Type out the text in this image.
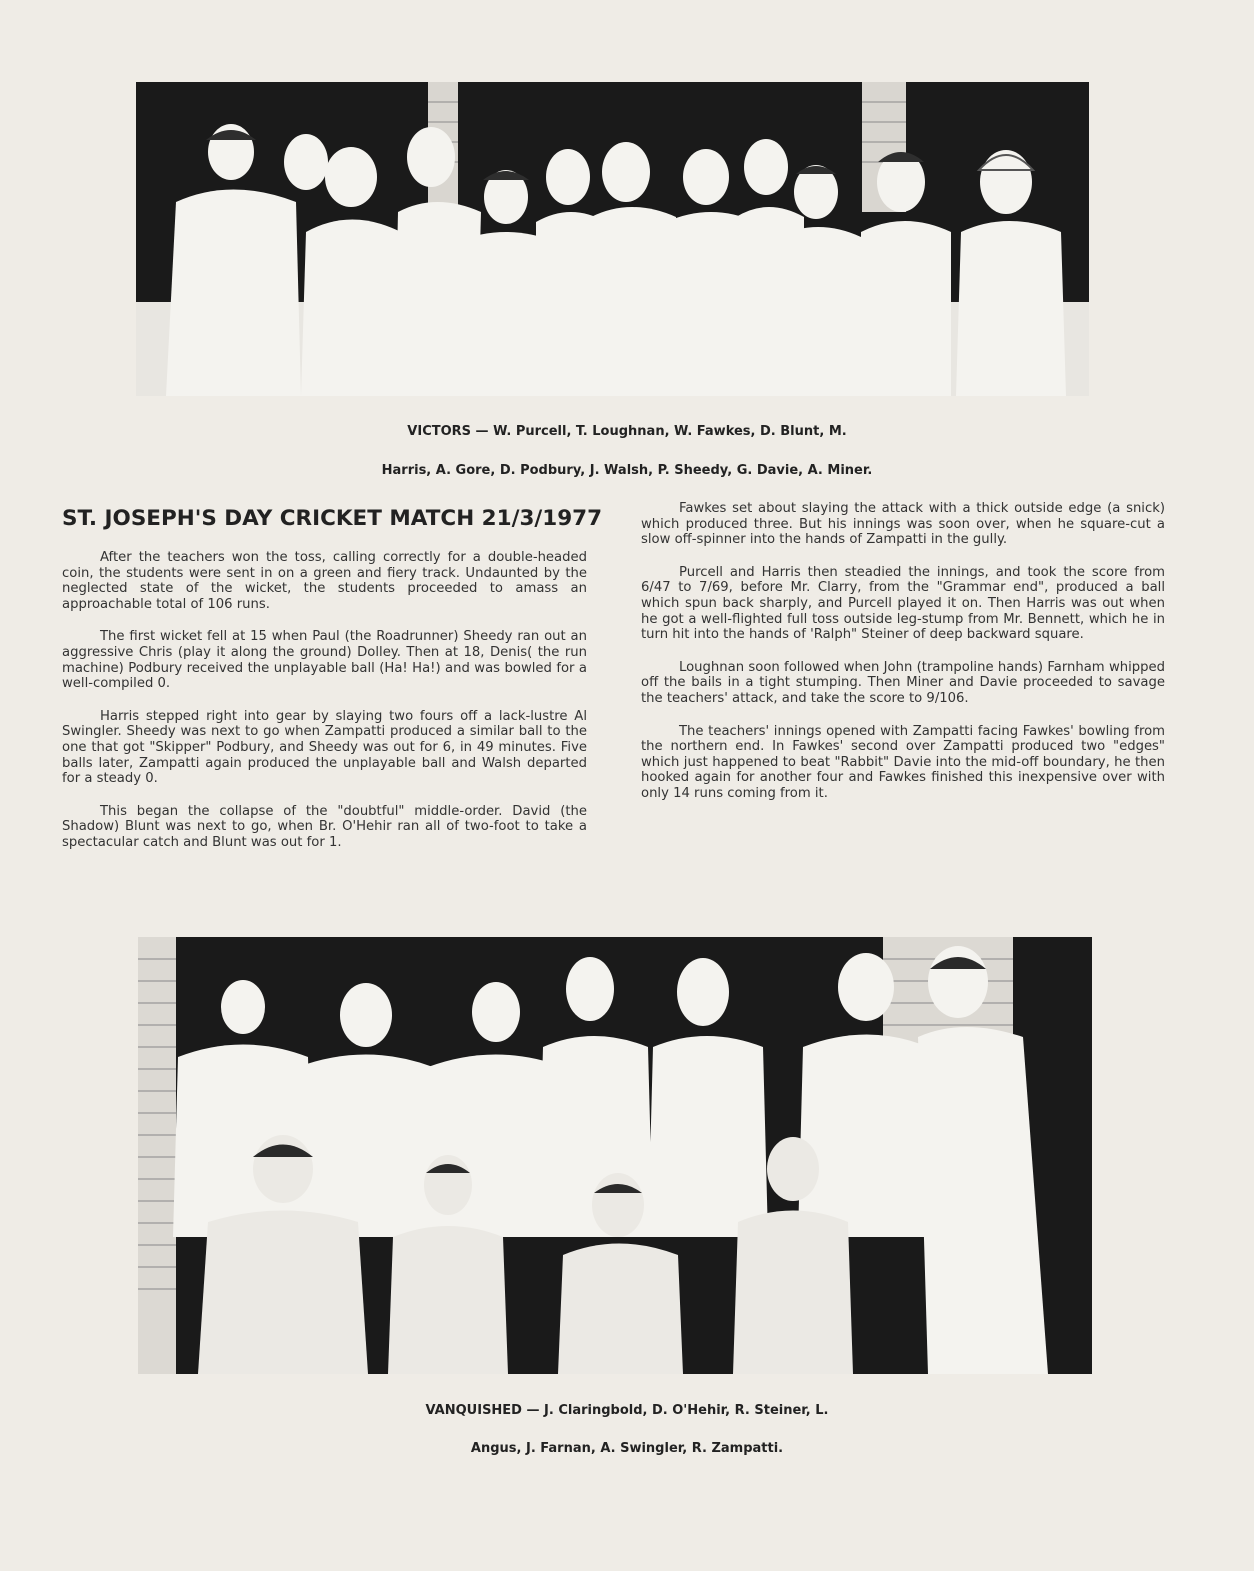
VICTORS — W. Purcell, T. Loughnan, W. Fawkes, D. Blunt, M.
Harris, A. Gore, D. Podbury, J. Walsh, P. Sheedy, G. Davie, A. Miner.
ST. JOSEPH'S DAY CRICKET MATCH 21/3/1977

After the teachers won the toss, calling correctly for a double-headed coin, the students were sent in on a green and fiery track. Undaunted by the neglected state of the wicket, the students proceeded to amass an approachable total of 106 runs.

The first wicket fell at 15 when Paul (the Roadrunner) Sheedy ran out an aggressive Chris (play it along the ground) Dolley. Then at 18, Denis( the run machine) Podbury received the unplayable ball (Ha! Ha!) and was bowled for a well-compiled 0.

Harris stepped right into gear by slaying two fours off a lack-lustre Al Swingler. Sheedy was next to go when Zampatti produced a similar ball to the one that got "Skipper" Podbury, and Sheedy was out for 6, in 49 minutes. Five balls later, Zampatti again produced the unplayable ball and Walsh departed for a steady 0.

This began the collapse of the "doubtful" middle-order. David (the Shadow) Blunt was next to go, when Br. O'Hehir ran all of two-foot to take a spectacular catch and Blunt was out for 1.

Fawkes set about slaying the attack with a thick outside edge (a snick) which produced three. But his innings was soon over, when he square-cut a slow off-spinner into the hands of Zampatti in the gully.

Purcell and Harris then steadied the innings, and took the score from 6/47 to 7/69, before Mr. Clarry, from the "Grammar end", produced a ball which spun back sharply, and Purcell played it on. Then Harris was out when he got a well-flighted full toss outside leg-stump from Mr. Bennett, which he in turn hit into the hands of 'Ralph" Steiner of deep backward square.

Loughnan soon followed when John (trampoline hands) Farnham whipped off the bails in a tight stumping. Then Miner and Davie proceeded to savage the teachers' attack, and take the score to 9/106.

The teachers' innings opened with Zampatti facing Fawkes' bowling from the northern end. In Fawkes' second over Zampatti produced two "edges" which just happened to beat "Rabbit" Davie into the mid-off boundary, he then hooked again for another four and Fawkes finished this inexpensive over with only 14 runs coming from it.

VANQUISHED — J. Claringbold, D. O'Hehir, R. Steiner, L.
Angus, J. Farnan, A. Swingler, R. Zampatti.
